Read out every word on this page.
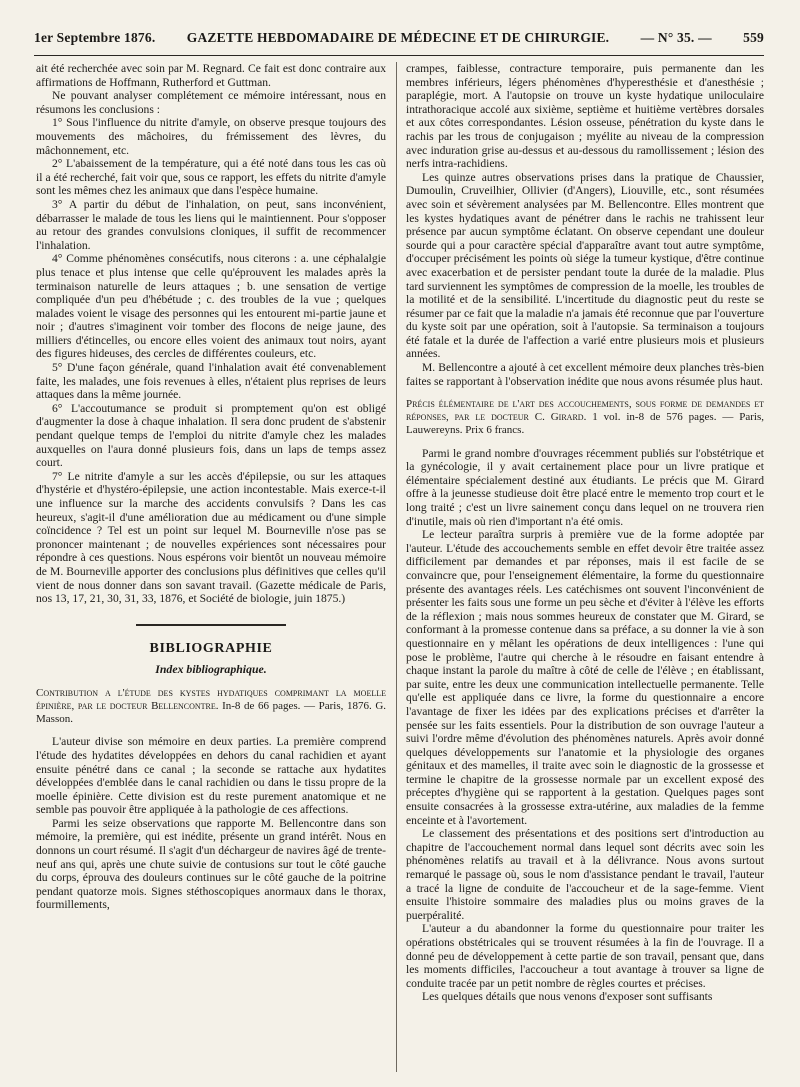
1er Septembre 1876. GAZETTE HEBDOMADAIRE DE MÉDECINE ET DE CHIRURGIE. — N° 35. — 559

ait été recherchée avec soin par M. Regnard. Ce fait est donc contraire aux affirmations de Hoffmann, Rutherford et Guttman.

Ne pouvant analyser complétement ce mémoire intéressant, nous en résumons les conclusions :

1° Sous l'influence du nitrite d'amyle, on observe presque toujours des mouvements des mâchoires, du frémissement des lèvres, du mâchonnement, etc.

2° L'abaissement de la température, qui a été noté dans tous les cas où il a été recherché, fait voir que, sous ce rapport, les effets du nitrite d'amyle sont les mêmes chez les animaux que dans l'espèce humaine.

3° A partir du début de l'inhalation, on peut, sans inconvénient, débarrasser le malade de tous les liens qui le maintiennent. Pour s'opposer au retour des grandes convulsions cloniques, il suffit de recommencer l'inhalation.

4° Comme phénomènes consécutifs, nous citerons : a. une céphalalgie plus tenace et plus intense que celle qu'éprouvent les malades après la terminaison naturelle de leurs attaques ; b. une sensation de vertige compliquée d'un peu d'hébétude ; c. des troubles de la vue ; quelques malades voient le visage des personnes qui les entourent mi-partie jaune et noir ; d'autres s'imaginent voir tomber des flocons de neige jaune, des milliers d'étincelles, ou encore elles voient des animaux tout noirs, ayant des figures hideuses, des cercles de différentes couleurs, etc.

5° D'une façon générale, quand l'inhalation avait été convenablement faite, les malades, une fois revenues à elles, n'étaient plus reprises de leurs attaques dans la même journée.

6° L'accoutumance se produit si promptement qu'on est obligé d'augmenter la dose à chaque inhalation. Il sera donc prudent de s'abstenir pendant quelque temps de l'emploi du nitrite d'amyle chez les malades auxquelles on l'aura donné plusieurs fois, dans un laps de temps assez court.

7° Le nitrite d'amyle a sur les accès d'épilepsie, ou sur les attaques d'hystérie et d'hystéro-épilepsie, une action incontestable. Mais exerce-t-il une influence sur la marche des accidents convulsifs ? Dans les cas heureux, s'agit-il d'une amélioration due au médicament ou d'une simple coïncidence ? Tel est un point sur lequel M. Bourneville n'ose pas se prononcer maintenant ; de nouvelles expériences sont nécessaires pour répondre à ces questions. Nous espérons voir bientôt un nouveau mémoire de M. Bourneville apporter des conclusions plus définitives que celles qu'il vient de nous donner dans son savant travail. (Gazette médicale de Paris, nos 13, 17, 21, 30, 31, 33, 1876, et Société de biologie, juin 1875.)

BIBLIOGRAPHIE
Index bibliographique.

Contribution a l'étude des kystes hydatiques comprimant la moelle épinière, par le docteur Bellencontre. In-8 de 66 pages. — Paris, 1876. G. Masson.

L'auteur divise son mémoire en deux parties. La première comprend l'étude des hydatites développées en dehors du canal rachidien et ayant ensuite pénétré dans ce canal ; la seconde se rattache aux hydatites développées d'emblée dans le canal rachidien ou dans le tissu propre de la moelle épinière. Cette division est du reste purement anatomique et ne semble pas pouvoir être appliquée à la pathologie de ces affections.

Parmi les seize observations que rapporte M. Bellencontre dans son mémoire, la première, qui est inédite, présente un grand intérêt. Nous en donnons un court résumé. Il s'agit d'un déchargeur de navires âgé de trente-neuf ans qui, après une chute suivie de contusions sur tout le côté gauche du corps, éprouva des douleurs continues sur le côté gauche de la poitrine pendant quatorze mois. Signes stéthoscopiques anormaux dans le thorax, fourmillements,

crampes, faiblesse, contracture temporaire, puis permanente dan les membres inférieurs, légers phénomènes d'hyperesthésie et d'anesthésie ; paraplégie, mort. A l'autopsie on trouve un kyste hydatique uniloculaire intrathoracique accolé aux sixième, septième et huitième vertèbres dorsales et aux côtes correspondantes. Lésion osseuse, pénétration du kyste dans le rachis par les trous de conjugaison ; myélite au niveau de la compression avec induration grise au-dessus et au-dessous du ramollissement ; lésion des nerfs intra-rachidiens.

Les quinze autres observations prises dans la pratique de Chaussier, Dumoulin, Cruveilhier, Ollivier (d'Angers), Liouville, etc., sont résumées avec soin et sévèrement analysées par M. Bellencontre. Elles montrent que les kystes hydatiques avant de pénétrer dans le rachis ne trahissent leur présence par aucun symptôme éclatant. On observe cependant une douleur sourde qui a pour caractère spécial d'apparaître avant tout autre symptôme, d'occuper précisément les points où siége la tumeur kystique, d'être continue avec exacerbation et de persister pendant toute la durée de la maladie. Plus tard surviennent les symptômes de compression de la moelle, les troubles de la motilité et de la sensibilité. L'incertitude du diagnostic peut du reste se résumer par ce fait que la maladie n'a jamais été reconnue que par l'ouverture du kyste soit par une opération, soit à l'autopsie. Sa terminaison a toujours été fatale et la durée de l'affection a varié entre plusieurs mois et plusieurs années.

M. Bellencontre a ajouté à cet excellent mémoire deux planches très-bien faites se rapportant à l'observation inédite que nous avons résumée plus haut.

Précis élémentaire de l'art des accouchements, sous forme de demandes et réponses, par le docteur C. Girard. 1 vol. in-8 de 576 pages. — Paris, Lauwereyns. Prix 6 francs.

Parmi le grand nombre d'ouvrages récemment publiés sur l'obstétrique et la gynécologie, il y avait certainement place pour un livre pratique et élémentaire spécialement destiné aux étudiants. Le précis que M. Girard offre à la jeunesse studieuse doit être placé entre le memento trop court et le long traité ; c'est un livre sainement conçu dans lequel on ne trouvera rien d'inutile, mais où rien d'important n'a été omis.

Le lecteur paraîtra surpris à première vue de la forme adoptée par l'auteur. L'étude des accouchements semble en effet devoir être traitée assez difficilement par demandes et par réponses, mais il est facile de se convaincre que, pour l'enseignement élémentaire, la forme du questionnaire présente des avantages réels. Les catéchismes ont souvent l'inconvénient de présenter les faits sous une forme un peu sèche et d'éviter à l'élève les efforts de la réflexion ; mais nous sommes heureux de constater que M. Girard, se conformant à la promesse contenue dans sa préface, a su donner la vie à son questionnaire en y mêlant les opérations de deux intelligences : l'une qui pose le problème, l'autre qui cherche à le résoudre en faisant entendre à chaque instant la parole du maître à côté de celle de l'élève ; en établissant, par suite, entre les deux une communication intellectuelle permanente. Telle qu'elle est appliquée dans ce livre, la forme du questionnaire a encore l'avantage de fixer les idées par des explications précises et d'arrêter la pensée sur les faits essentiels. Pour la distribution de son ouvrage l'auteur a suivi l'ordre même d'évolution des phénomènes naturels. Après avoir donné quelques développements sur l'anatomie et la physiologie des organes génitaux et des mamelles, il traite avec soin le diagnostic de la grossesse et termine le chapitre de la grossesse normale par un excellent exposé des préceptes d'hygiène qui se rapportent à la gestation. Quelques pages sont ensuite consacrées à la grossesse extra-utérine, aux maladies de la femme enceinte et à l'avortement.

Le classement des présentations et des positions sert d'introduction au chapitre de l'accouchement normal dans lequel sont décrits avec soin les phénomènes relatifs au travail et à la délivrance. Nous avons surtout remarqué le passage où, sous le nom d'assistance pendant le travail, l'auteur a tracé la ligne de conduite de l'accoucheur et de la sage-femme. Vient ensuite l'histoire sommaire des maladies plus ou moins graves de la puerpéralité.

L'auteur a du abandonner la forme du questionnaire pour traiter les opérations obstétricales qui se trouvent résumées à la fin de l'ouvrage. Il a donné peu de développement à cette partie de son travail, pensant que, dans les moments difficiles, l'accoucheur a tout avantage à trouver sa ligne de conduite tracée par un petit nombre de règles courtes et précises.

Les quelques détails que nous venons d'exposer sont suffisants
